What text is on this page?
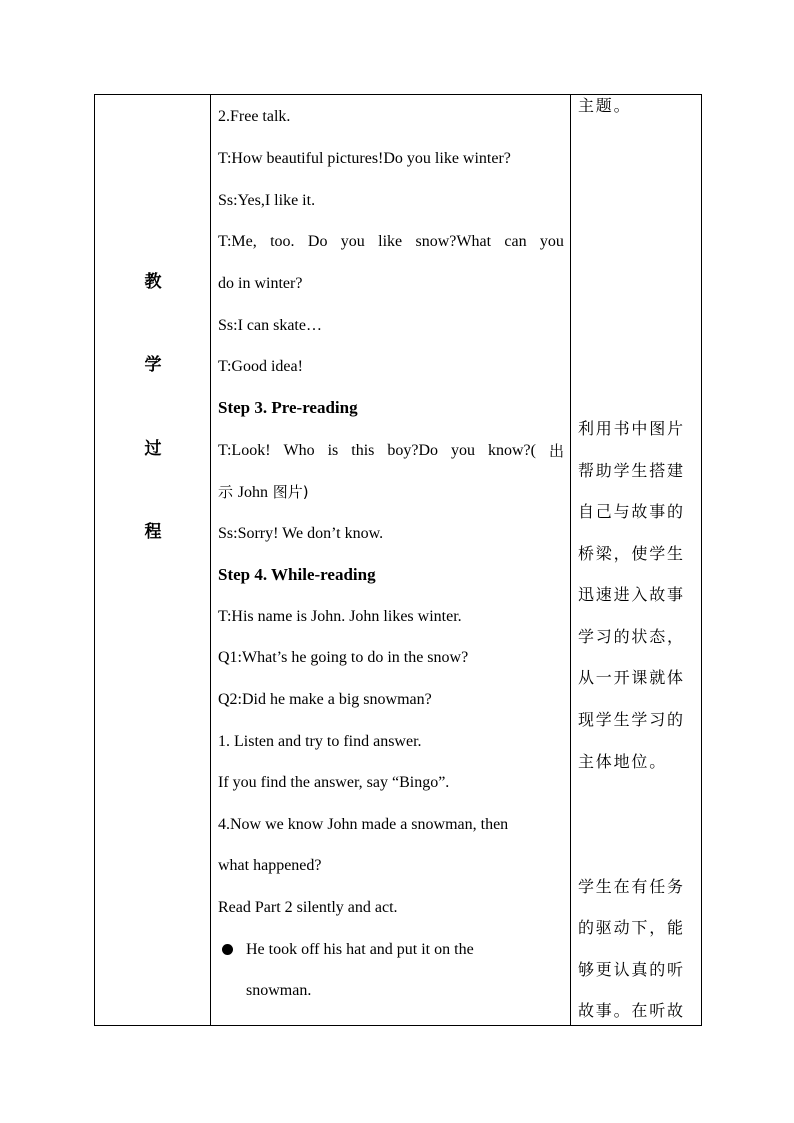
教
学
过
程
2.Free talk.
T:How beautiful pictures!Do you like winter?
Ss:Yes,I like it.
T:Me, too. Do you like snow?What can you
do in winter?
Ss:I can skate…
T:Good idea!
Step 3. Pre-reading
T:Look! Who is this boy?Do you know?( 出
示 John 图片)
Ss:Sorry! We don’t know.
Step 4. While-reading
T:His name is John. John likes winter.
Q1:What’s he going to do in the snow?
Q2:Did he make a big snowman?
1. Listen and try to find answer.
If you find the answer, say “Bingo”.
4.Now we know John made a snowman, then
what happened?
Read Part 2 silently and act.
He took off his hat and put it on the
snowman.
主题。
利用书中图片
帮助学生搭建
自己与故事的
桥梁，使学生
迅速进入故事
学习的状态，
从一开课就体
现学生学习的
主体地位。
学生在有任务
的驱动下，能
够更认真的听
故事。在听故
